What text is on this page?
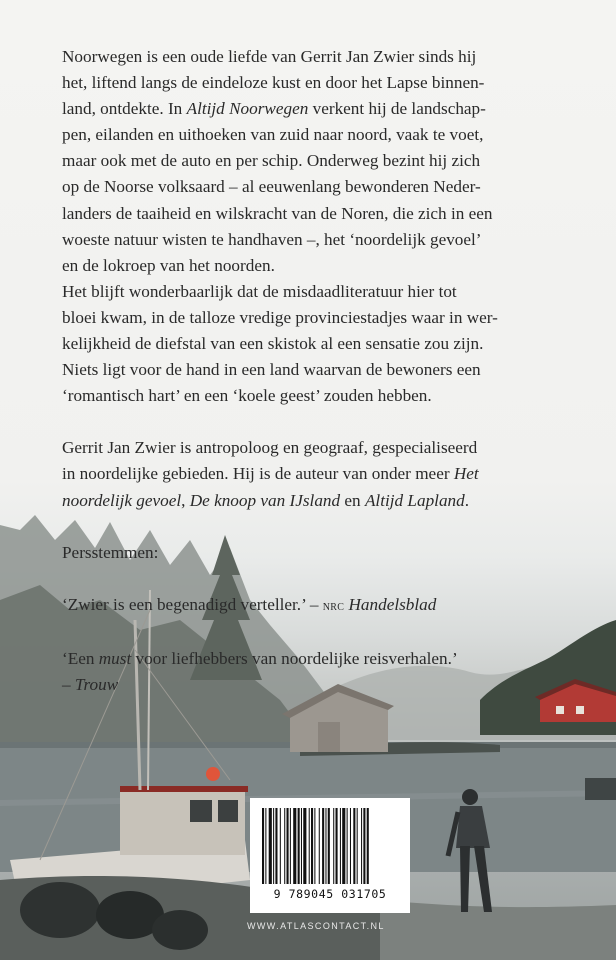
Noorwegen is een oude liefde van Gerrit Jan Zwier sinds hij

het, liftend langs de eindeloze kust en door het Lapse binnen-

land, ontdekte. In Altijd Noorwegen verkent hij de landschap-

pen, eilanden en uithoeken van zuid naar noord, vaak te voet,

maar ook met de auto en per schip. Onderweg bezint hij zich

op de Noorse volksaard – al eeuwenlang bewonderen Neder-

landers de taaiheid en wilskracht van de Noren, die zich in een

woeste natuur wisten te handhaven –, het ‘noordelijk gevoel’

en de lokroep van het noorden.

Het blijft wonderbaarlijk dat de misdaadliteratuur hier tot

bloei kwam, in de talloze vredige provinciestadjes waar in wer-

kelijkheid de diefstal van een skistok al een sensatie zou zijn.

Niets ligt voor de hand in een land waarvan de bewoners een

‘romantisch hart’ en een ‘koele geest’ zouden hebben.

Gerrit Jan Zwier is antropoloog en geograaf, gespecialiseerd

in noordelijke gebieden. Hij is de auteur van onder meer Het

noordelijk gevoel, De knoop van IJsland en Altijd Lapland.

Persstemmen:

‘Zwier is een begenadigd verteller.’ – nrc Handelsblad

‘Een must voor liefhebbers van noordelijke reisverhalen.’

– Trouw

9 789045 031705
WWW.ATLASCONTACT.NL
